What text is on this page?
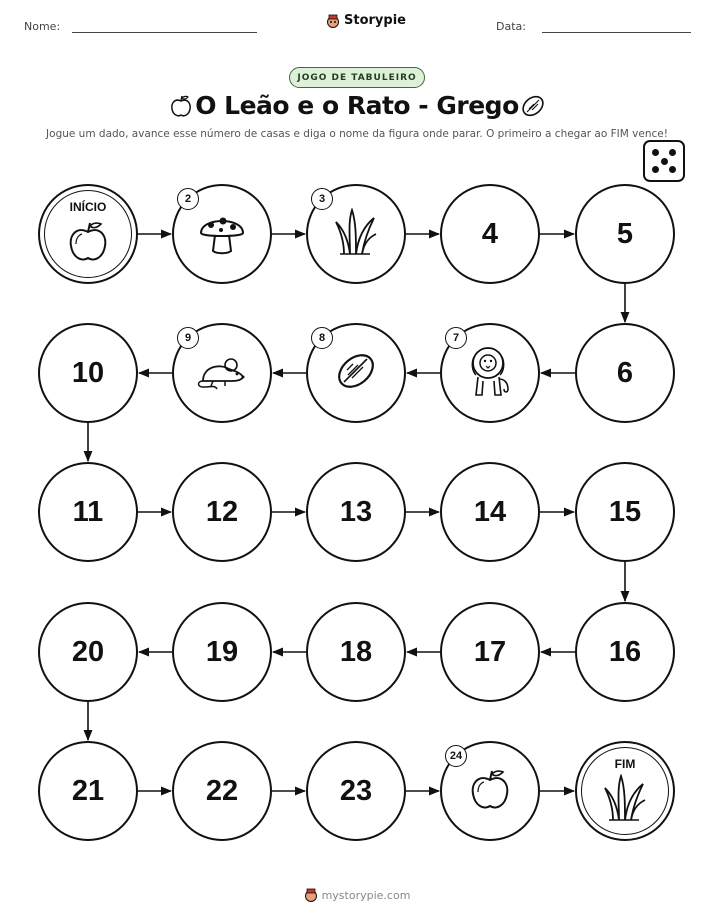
Nome:	Storypie	Data:
JOGO DE TABULEIRO
O Leão e o Rato - Grego
Jogue um dado, avance esse número de casas e diga o nome da figura onde parar. O primeiro a chegar ao FIM vence!
INÍCIO
2	3
4	5
6
7
8
9
10
11	12	13	14	15
16
17
18
19
20
21	22	23
24
FIM
mystorypie.com
